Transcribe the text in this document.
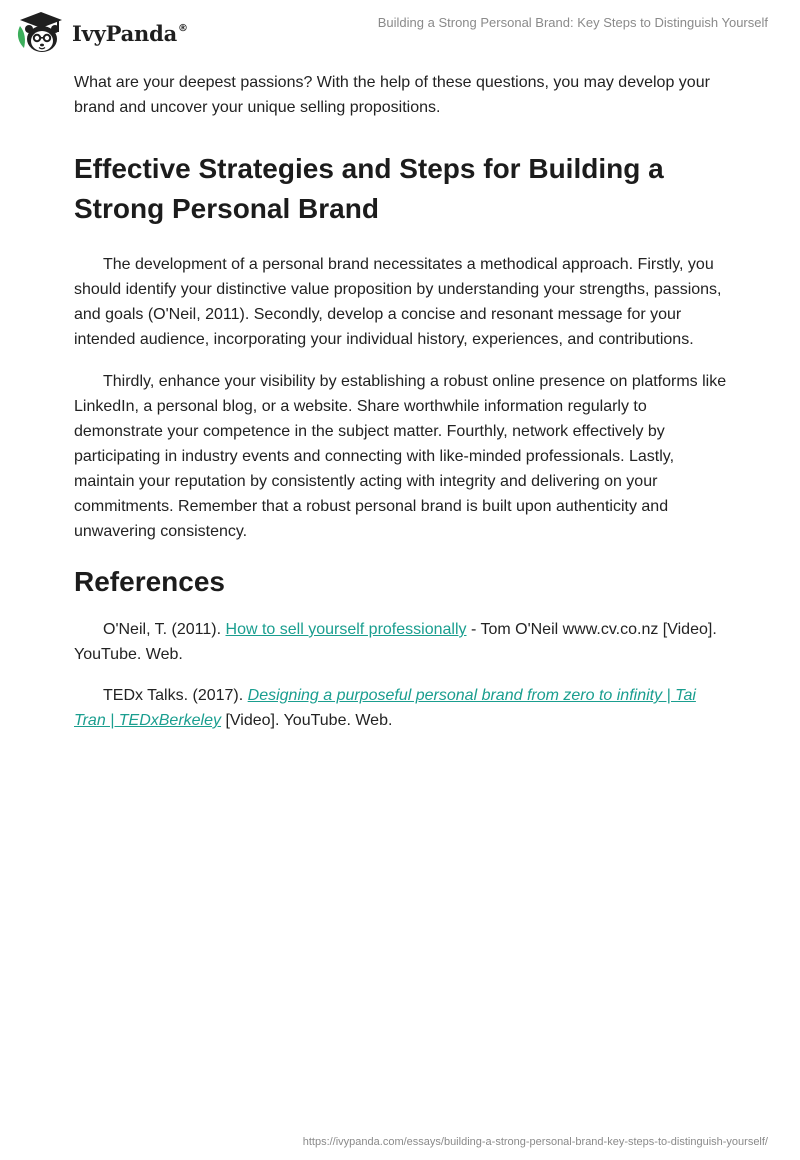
IvyPanda®	Building a Strong Personal Brand: Key Steps to Distinguish Yourself

What are your deepest passions? With the help of these questions, you may develop your brand and uncover your unique selling propositions.

Effective Strategies and Steps for Building a Strong Personal Brand

The development of a personal brand necessitates a methodical approach. Firstly, you should identify your distinctive value proposition by understanding your strengths, passions, and goals (O'Neil, 2011). Secondly, develop a concise and resonant message for your intended audience, incorporating your individual history, experiences, and contributions.

Thirdly, enhance your visibility by establishing a robust online presence on platforms like LinkedIn, a personal blog, or a website. Share worthwhile information regularly to demonstrate your competence in the subject matter. Fourthly, network effectively by participating in industry events and connecting with like-minded professionals. Lastly, maintain your reputation by consistently acting with integrity and delivering on your commitments. Remember that a robust personal brand is built upon authenticity and unwavering consistency.

References

O'Neil, T. (2011). How to sell yourself professionally - Tom O'Neil www.cv.co.nz [Video]. YouTube. Web.

TEDx Talks. (2017). Designing a purposeful personal brand from zero to infinity | Tai Tran | TEDxBerkeley [Video]. YouTube. Web.

https://ivypanda.com/essays/building-a-strong-personal-brand-key-steps-to-distinguish-yourself/
